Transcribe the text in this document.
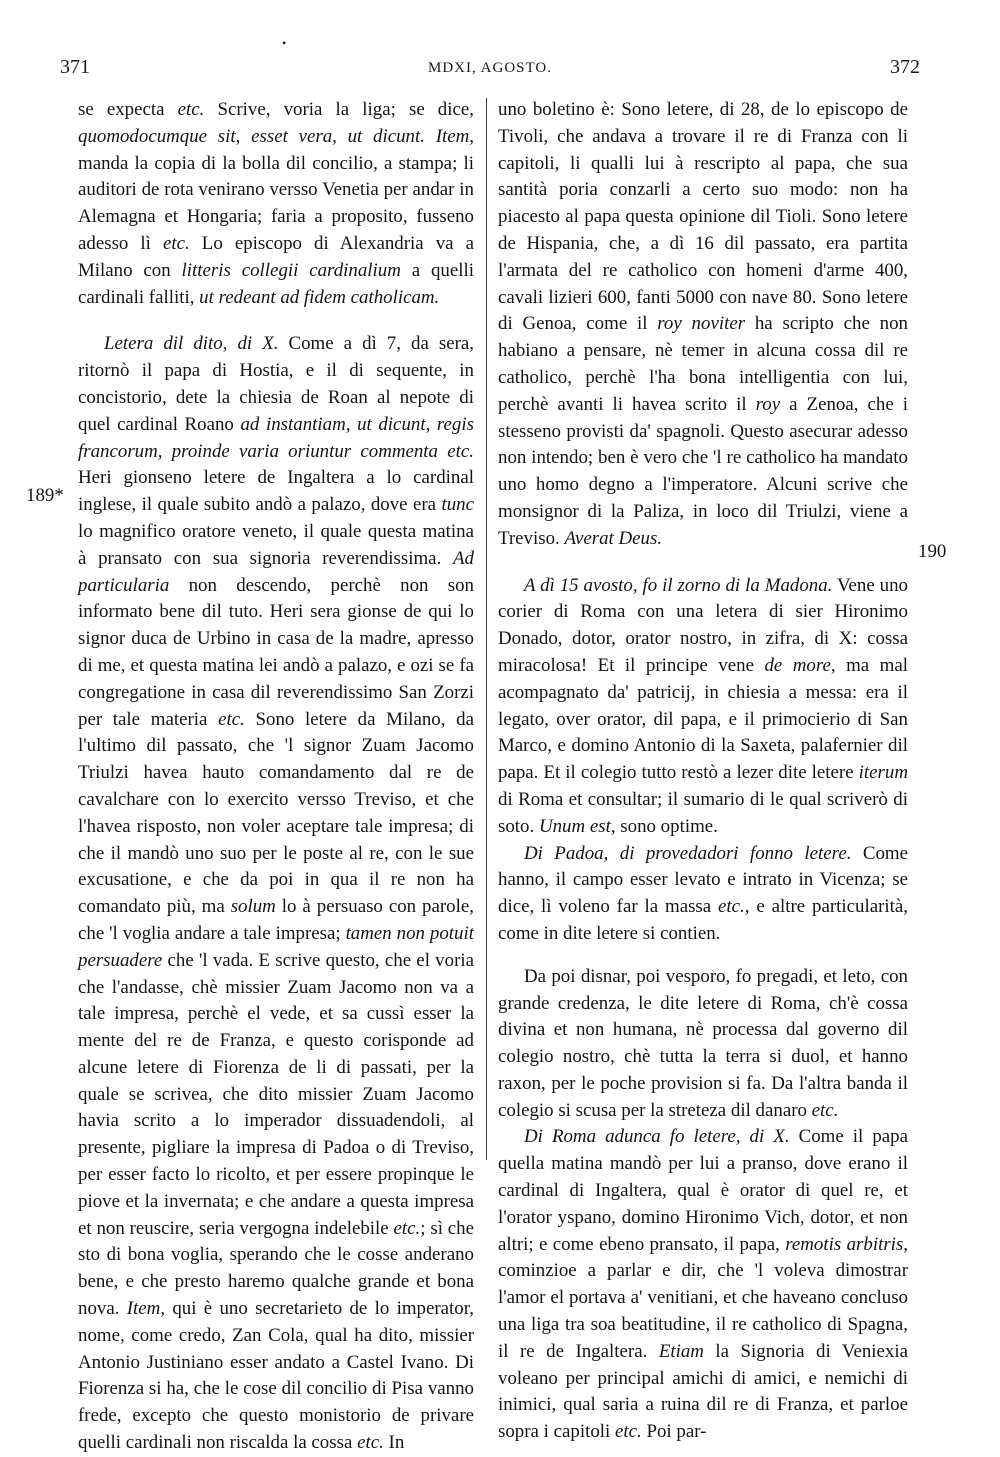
•
371	MDXI, AGOSTO.	372
189*
190

se expecta etc. Scrive, voria la liga; se dice, quomodocumque sit, esset vera, ut dicunt. Item, manda la copia di la bolla dil concilio, a stampa; li auditori de rota venirano versso Venetia per andar in Alemagna et Hongaria; faria a proposito, fusseno adesso lì etc. Lo episcopo di Alexandria va a Milano con litteris collegii cardinalium a quelli cardinali falliti, ut redeant ad fidem catholicam.

Letera dil dito, di X. Come a dì 7, da sera, ritornò il papa di Hostia, e il di sequente, in concistorio, dete la chiesia de Roan al nepote di quel cardinal Roano ad instantiam, ut dicunt, regis francorum, proinde varia oriuntur commenta etc. Heri gionseno letere de Ingaltera a lo cardinal inglese, il quale subito andò a palazo, dove era tunc lo magnifico oratore veneto, il quale questa matina à pransato con sua signoria reverendissima. Ad particularia non descendo, perchè non son informato bene dil tuto. Heri sera gionse de qui lo signor duca de Urbino in casa de la madre, apresso di me, et questa matina lei andò a palazo, e ozi se fa congregatione in casa dil reverendissimo San Zorzi per tale materia etc. Sono letere da Milano, da l'ultimo dil passato, che 'l signor Zuam Jacomo Triulzi havea hauto comandamento dal re de cavalchare con lo exercito versso Treviso, et che l'havea risposto, non voler aceptare tale impresa; di che il mandò uno suo per le poste al re, con le sue excusatione, e che da poi in qua il re non ha comandato più, ma solum lo à persuaso con parole, che 'l voglia andare a tale impresa; tamen non potuit persuadere che 'l vada. E scrive questo, che el voria che l'andasse, chè missier Zuam Jacomo non va a tale impresa, perchè el vede, et sa cussì esser la mente del re de Franza, e questo corisponde ad alcune letere di Fiorenza de li di passati, per la quale se scrivea, che dito missier Zuam Jacomo havia scrito a lo imperador dissuadendoli, al presente, pigliare la impresa di Padoa o di Treviso, per esser facto lo ricolto, et per essere propinque le piove et la invernata; e che andare a questa impresa et non reuscire, seria vergogna indelebile etc.; sì che sto di bona voglia, sperando che le cosse anderano bene, e che presto haremo qualche grande et bona nova. Item, qui è uno secretarieto de lo imperator, nome, come credo, Zan Cola, qual ha dito, missier Antonio Justiniano esser andato a Castel Ivano. Di Fiorenza si ha, che le cose dil concilio di Pisa vanno frede, excepto che questo monistorio de privare quelli cardinali non riscalda la cossa etc. In

uno boletino è: Sono letere, di 28, de lo episcopo de Tivoli, che andava a trovare il re di Franza con li capitoli, li qualli lui à rescripto al papa, che sua santità poria conzarli a certo suo modo: non ha piacesto al papa questa opinione dil Tioli. Sono letere de Hispania, che, a dì 16 dil passato, era partita l'armata del re catholico con homeni d'arme 400, cavali lizieri 600, fanti 5000 con nave 80. Sono letere di Genoa, come il roy noviter ha scripto che non habiano a pensare, nè temer in alcuna cossa dil re catholico, perchè l'ha bona intelligentia con lui, perchè avanti li havea scrito il roy a Zenoa, che i stesseno provisti da' spagnoli. Questo asecurar adesso non intendo; ben è vero che 'l re catholico ha mandato uno homo degno a l'imperatore. Alcuni scrive che monsignor di la Paliza, in loco dil Triulzi, viene a Treviso. Averat Deus.

A dì 15 avosto, fo il zorno di la Madona. Vene uno corier di Roma con una letera di sier Hironimo Donado, dotor, orator nostro, in zifra, di X: cossa miracolosa! Et il principe vene de more, ma mal acompagnato da' patricij, in chiesia a messa: era il legato, over orator, dil papa, e il primocierio di San Marco, e domino Antonio di la Saxeta, palafernier dil papa. Et il colegio tutto restò a lezer dite letere iterum di Roma et consultar; il sumario di le qual scriverò di soto. Unum est, sono optime.

Di Padoa, di provedadori fonno letere. Come hanno, il campo esser levato e intrato in Vicenza; se dice, lì voleno far la massa etc., e altre particularità, come in dite letere si contien.

Da poi disnar, poi vesporo, fo pregadi, et leto, con grande credenza, le dite letere di Roma, ch'è cossa divina et non humana, nè processa dal governo dil colegio nostro, chè tutta la terra si duol, et hanno raxon, per le poche provision si fa. Da l'altra banda il colegio si scusa per la streteza dil danaro etc.

Di Roma adunca fo letere, di X. Come il papa quella matina mandò per lui a pranso, dove erano il cardinal di Ingaltera, qual è orator di quel re, et l'orator yspano, domino Hironimo Vich, dotor, et non altri; e come ebeno pransato, il papa, remotis arbitris, cominzioe a parlar e dir, che 'l voleva dimostrar l'amor el portava a' venitiani, et che haveano concluso una liga tra soa beatitudine, il re catholico di Spagna, il re de Ingaltera. Etiam la Signoria di Veniexia voleano per principal amichi di amici, e nemichi di inimici, qual saria a ruina dil re di Franza, et parloe sopra i capitoli etc. Poi par-
